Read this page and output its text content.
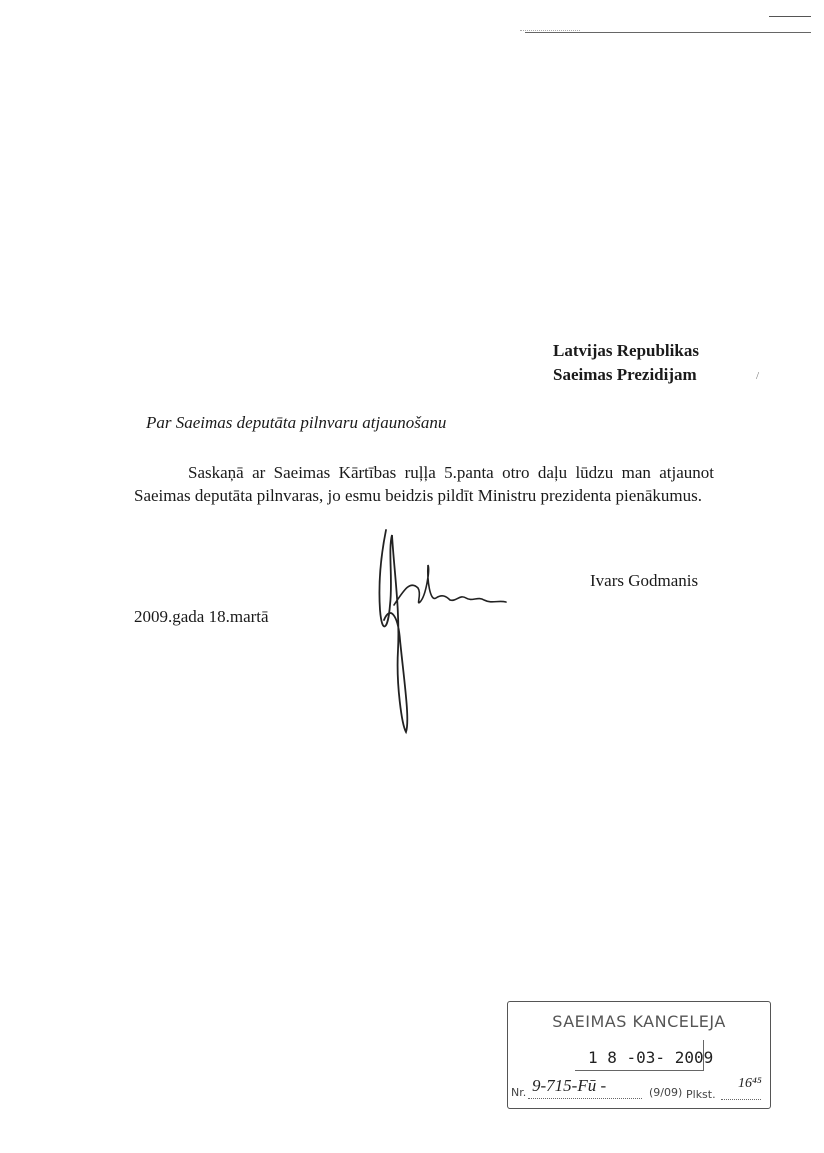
Latvijas Republikas
Saeimas Prezidijam	/
Par Saeimas deputāta pilnvaru atjaunošanu
Saskaņā ar Saeimas Kārtības ruļļa 5.panta otro daļu lūdzu man atjaunot Saeimas deputāta pilnvaras, jo esmu beidzis pildīt Ministru prezidenta pienākumus.
Ivars Godmanis
2009.gada 18.martā
SAEIMAS KANCELEJA
1 8 -03- 2009
Nr. 9-715-Fū -	(9/09) Plkst.
16⁴⁵
